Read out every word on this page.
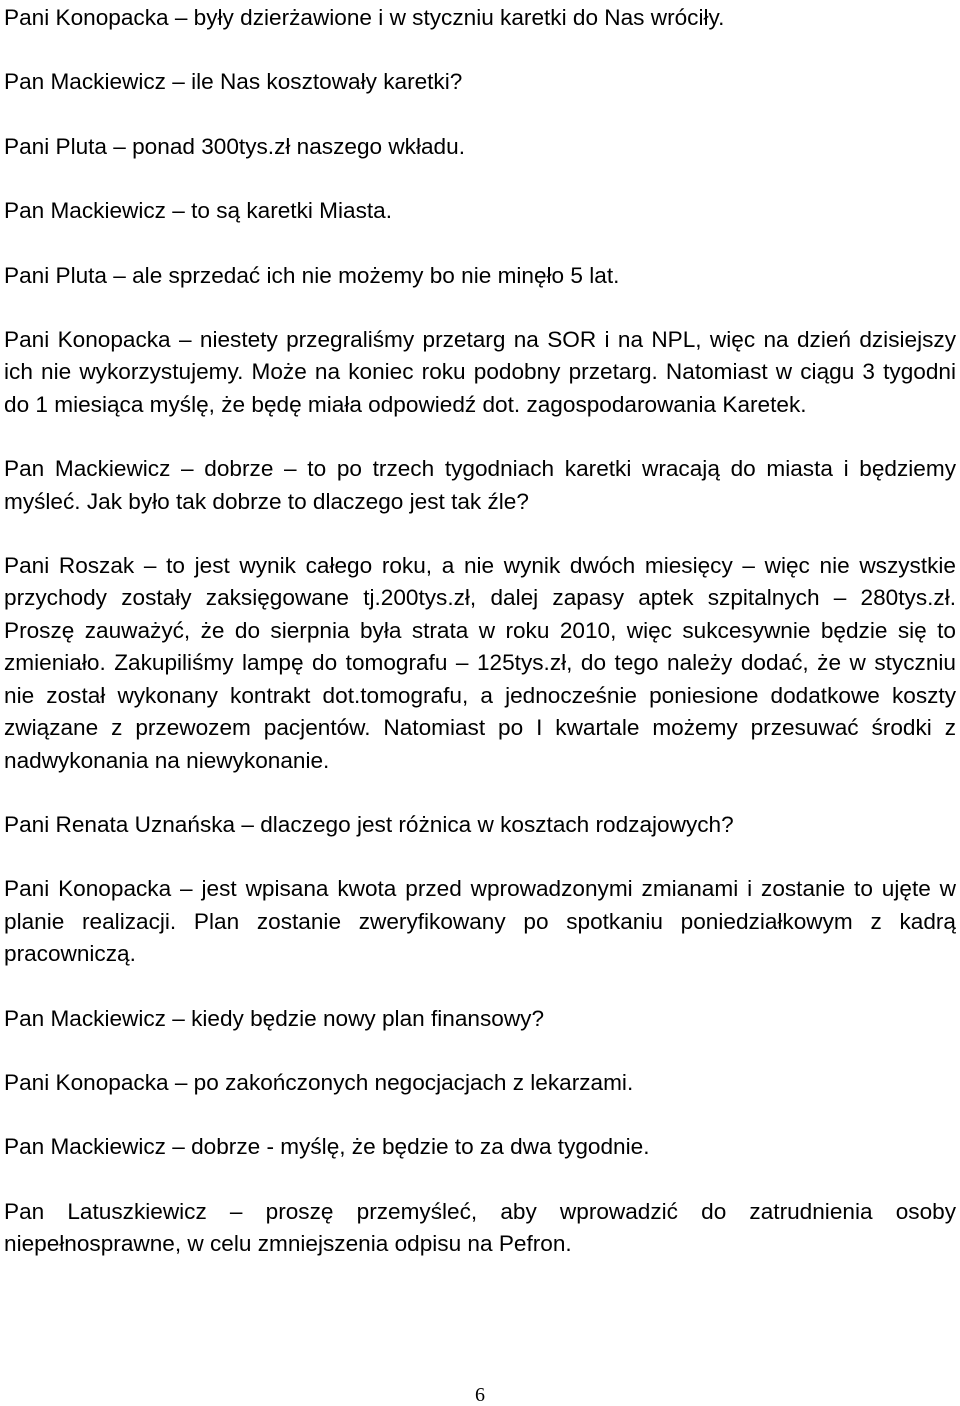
Pani Konopacka – były dzierżawione i w styczniu karetki do Nas wróciły.

Pan Mackiewicz – ile Nas kosztowały karetki?

Pani Pluta – ponad 300tys.zł naszego wkładu.

Pan Mackiewicz – to są karetki Miasta.

Pani Pluta – ale sprzedać ich nie możemy bo nie minęło 5 lat.

Pani Konopacka – niestety przegraliśmy przetarg na SOR i na NPL, więc na dzień dzisiejszy ich nie wykorzystujemy. Może na koniec roku podobny przetarg. Natomiast w ciągu 3 tygodni do 1 miesiąca myślę, że będę miała odpowiedź dot. zagospodarowania Karetek.

Pan Mackiewicz – dobrze – to po trzech tygodniach karetki wracają do miasta i będziemy myśleć. Jak było tak dobrze to dlaczego jest tak źle?

Pani Roszak – to jest wynik całego roku, a nie wynik dwóch miesięcy – więc nie wszystkie przychody zostały zaksięgowane tj.200tys.zł, dalej zapasy aptek szpitalnych – 280tys.zł. Proszę zauważyć, że do sierpnia była strata w roku 2010, więc sukcesywnie będzie się to zmieniało. Zakupiliśmy lampę do tomografu – 125tys.zł, do tego należy dodać, że w styczniu nie został wykonany kontrakt dot.tomografu, a jednocześnie poniesione dodatkowe koszty związane z przewozem pacjentów. Natomiast po I kwartale możemy przesuwać środki z nadwykonania na niewykonanie.

Pani Renata Uznańska – dlaczego jest różnica w kosztach rodzajowych?

Pani Konopacka – jest wpisana kwota przed wprowadzonymi zmianami i zostanie to ujęte w planie realizacji. Plan zostanie zweryfikowany po spotkaniu poniedziałkowym z kadrą pracowniczą.

Pan Mackiewicz – kiedy będzie nowy plan finansowy?

Pani Konopacka – po zakończonych negocjacjach z lekarzami.

Pan Mackiewicz – dobrze - myślę, że będzie to za dwa tygodnie.

Pan Latuszkiewicz – proszę przemyśleć, aby wprowadzić do zatrudnienia osoby niepełnosprawne, w celu zmniejszenia odpisu na Pefron.

6
